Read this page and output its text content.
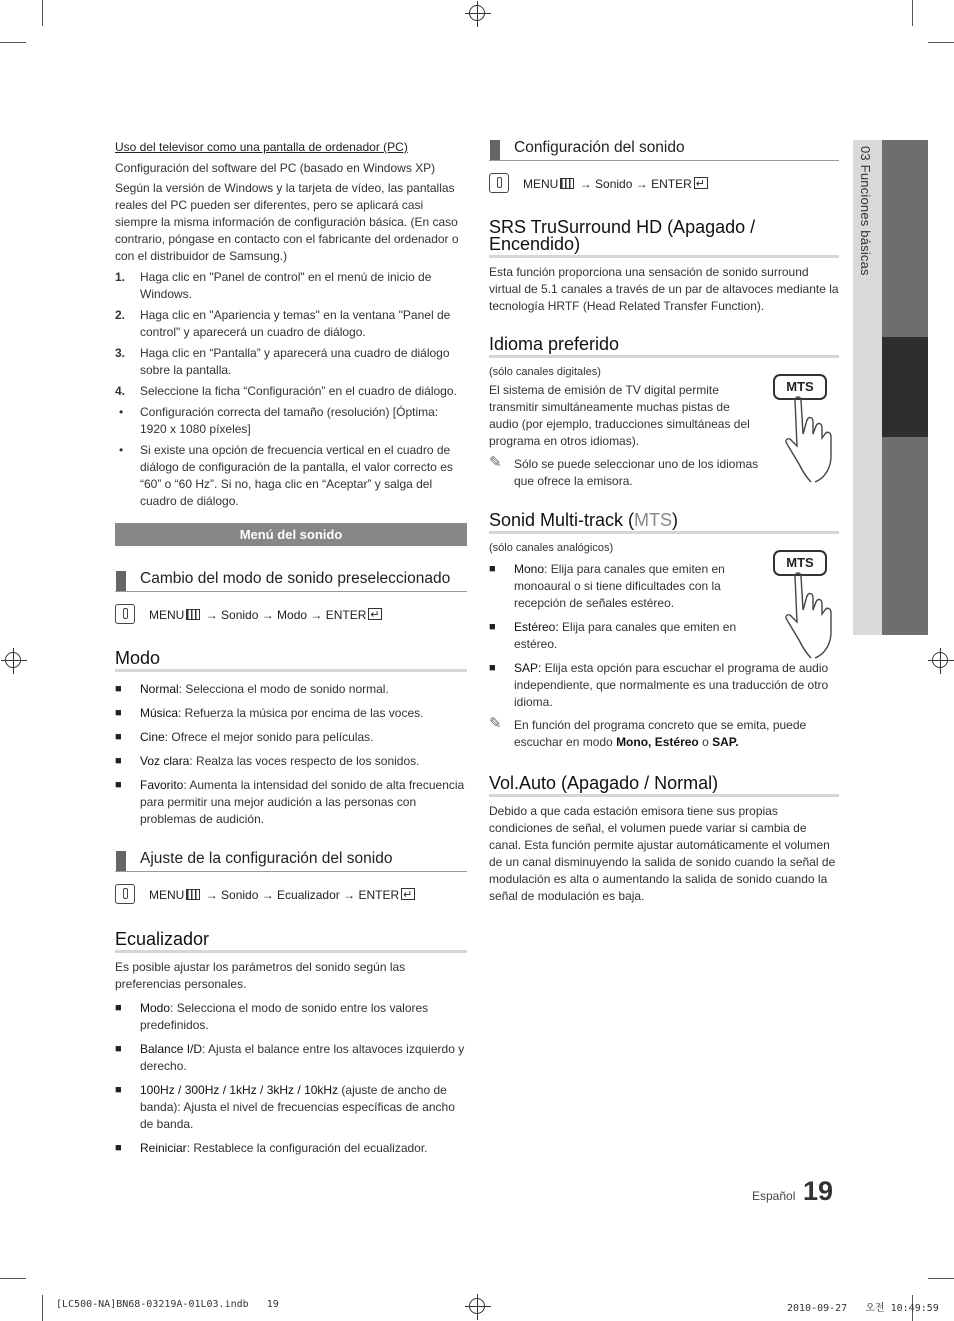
03 Funciones básicas

Uso del televisor como una pantalla de ordenador (PC)

Configuración del software del PC (basado en Windows XP)

Según la versión de Windows y la tarjeta de vídeo, las pantallas reales del PC pueden ser diferentes, pero se aplicará casi siempre la misma información de configuración básica. (En caso contrario, póngase en contacto con el fabricante del ordenador o con el distribuidor de Samsung.)

1. Haga clic en "Panel de control" en el menú de inicio de Windows.
2. Haga clic en "Apariencia y temas" en la ventana "Panel de control" y aparecerá un cuadro de diálogo.
3. Haga clic en “Pantalla” y aparecerá una cuadro de diálogo sobre la pantalla.
4. Seleccione la ficha “Configuración” en el cuadro de diálogo.
• Configuración correcta del tamaño (resolución) [Óptima: 1920 x 1080 píxeles]
• Si existe una opción de frecuencia vertical en el cuadro de diálogo de configuración de la pantalla, el valor correcto es “60” o “60 Hz”. Si no, haga clic en “Aceptar” y salga del cuadro de diálogo.
Menú del sonido
Cambio del modo de sonido preseleccionado
MENU → Sonido → Modo → ENTER↵
Modo
■ Normal: Selecciona el modo de sonido normal.
■ Música: Refuerza la música por encima de las voces.
■ Cine: Ofrece el mejor sonido para películas.
■ Voz clara: Realza las voces respecto de los sonidos.
■ Favorito: Aumenta la intensidad del sonido de alta frecuencia para permitir una mejor audición a las personas con problemas de audición.
Ajuste de la configuración del sonido
MENU → Sonido → Ecualizador → ENTER↵
Ecualizador

Es posible ajustar los parámetros del sonido según las preferencias personales.

■ Modo: Selecciona el modo de sonido entre los valores predefinidos.
■ Balance I/D: Ajusta el balance entre los altavoces izquierdo y derecho.
■ 100Hz / 300Hz / 1kHz / 3kHz / 10kHz (ajuste de ancho de banda): Ajusta el nivel de frecuencias específicas de ancho de banda.
■ Reiniciar: Restablece la configuración del ecualizador.
Configuración del sonido
MENU → Sonido → ENTER↵
SRS TruSurround HD (Apagado / Encendido)

Esta función proporciona una sensación de sonido surround virtual de 5.1 canales a través de un par de altavoces mediante la tecnología HRTF (Head Related Transfer Function).

Idioma preferido

(sólo canales digitales)

El sistema de emisión de TV digital permite transmitir simultáneamente muchas pistas de audio (por ejemplo, traducciones simultáneas del programa en otros idiomas).

✎ Sólo se puede seleccionar uno de los idiomas que ofrece la emisora.
MTS
Sonid Multi-track (MTS)

(sólo canales analógicos)

■ Mono: Elija para canales que emiten en monoaural o si tiene dificultades con la recepción de señales estéreo.
■ Estéreo: Elija para canales que emiten en estéreo.
■ SAP: Elija esta opción para escuchar el programa de audio independiente, que normalmente es una traducción de otro idioma.
✎ En función del programa concreto que se emita, puede escuchar en modo Mono, Estéreo o SAP.
MTS
Vol.Auto (Apagado / Normal)

Debido a que cada estación emisora tiene sus propias condiciones de señal, el volumen puede variar si cambia de canal. Esta función permite ajustar automáticamente el volumen de un canal disminuyendo la salida de sonido cuando la señal de modulación es alta o aumentando la salida de sonido cuando la señal de modulación es baja.

Español 19
[LC500-NA]BN68-03219A-01L03.indb   19	2010-09-27   오전 10:49:59
